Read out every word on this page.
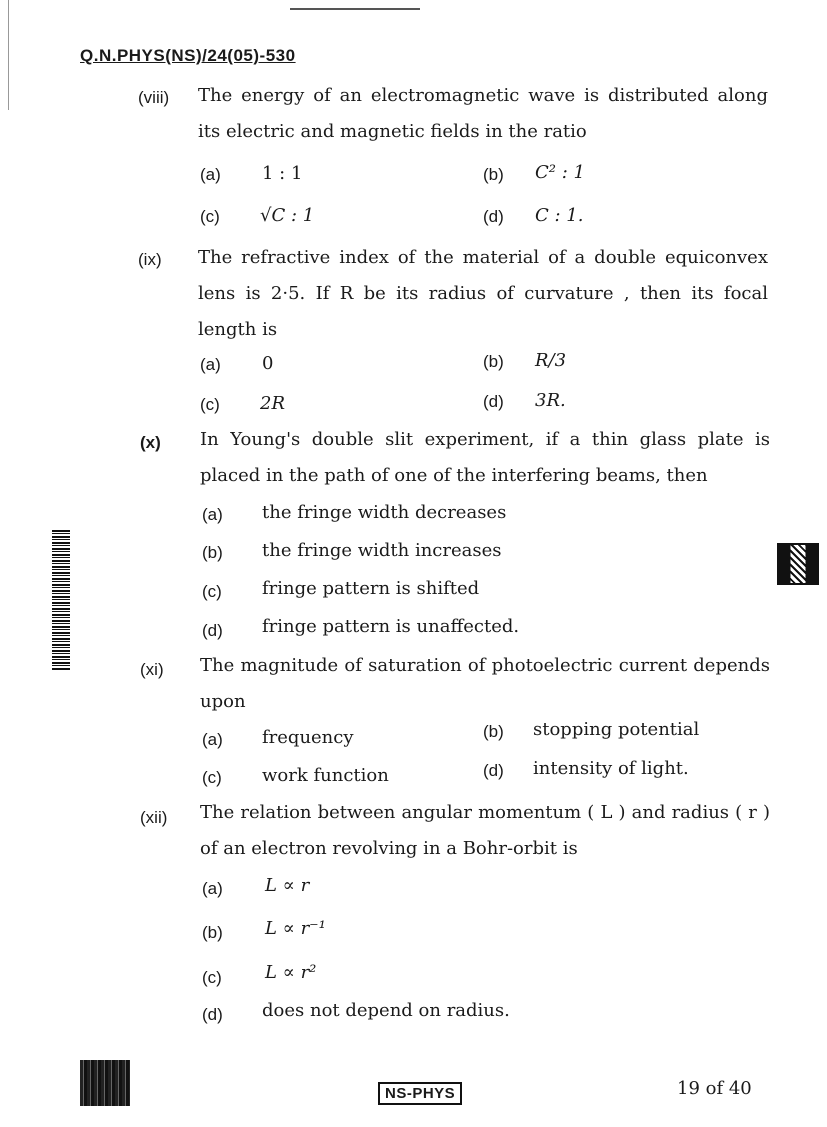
Q.N.PHYS(NS)/24(05)-530
(viii) The energy of an electromagnetic wave is distributed along its electric and magnetic fields in the ratio
(a) 1 : 1	(b) C² : 1
(c) √C : 1	(d) C : 1.
(ix) The refractive index of the material of a double equiconvex lens is 2·5. If R be its radius of curvature , then its focal length is
(a) 0	(b) R/3
(c) 2R	(d) 3R.
(x) In Young's double slit experiment, if a thin glass plate is placed in the path of one of the interfering beams, then
(a) the fringe width decreases
(b) the fringe width increases
(c) fringe pattern is shifted
(d) fringe pattern is unaffected.
(xi) The magnitude of saturation of photoelectric current depends upon
(a) frequency	(b) stopping potential
(c) work function	(d) intensity of light.
(xii) The relation between angular momentum ( L ) and radius ( r ) of an electron revolving in a Bohr-orbit is
(a) L ∝ r
(b) L ∝ r⁻¹
(c) L ∝ r²
(d) does not depend on radius.
NS-PHYS	19 of 40
